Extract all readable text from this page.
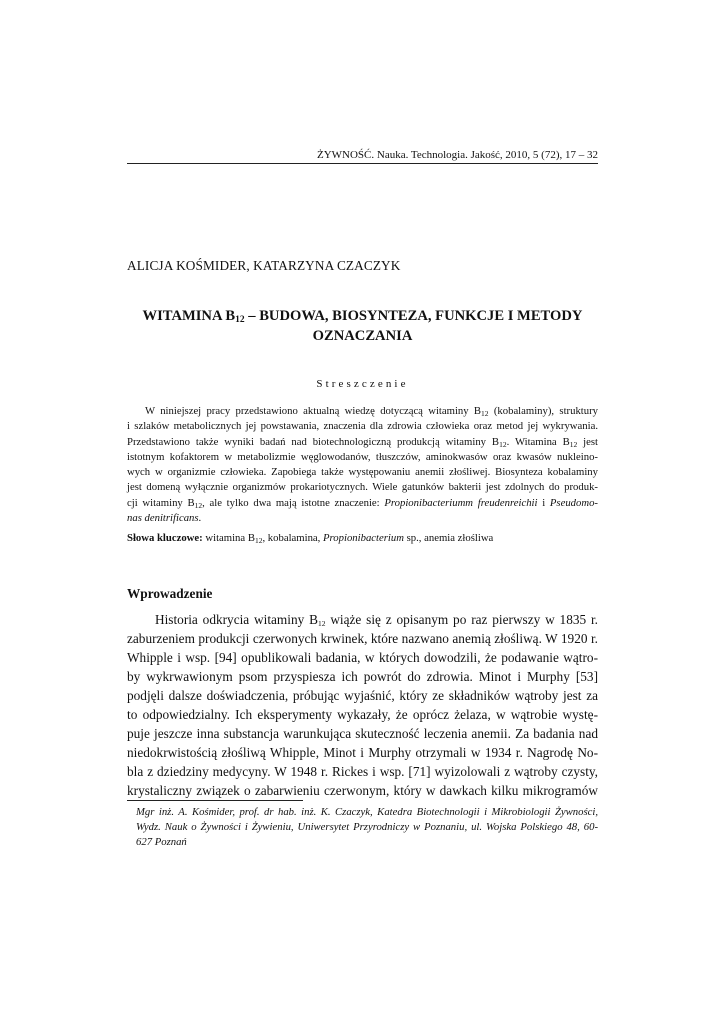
ŻYWNOŚĆ. Nauka. Technologia. Jakość, 2010, 5 (72), 17 – 32
ALICJA KOŚMIDER, KATARZYNA CZACZYK
WITAMINA $B_{12}$ – BUDOWA, BIOSYNTEZA, FUNKCJE I METODY
OZNACZANIA
Streszczenie
W niniejszej pracy przedstawiono aktualną wiedzę dotyczącą witaminy $B_{12}$ (kobalaminy), struktury
i szlaków metabolicznych jej powstawania, znaczenia dla zdrowia człowieka oraz metod jej wykrywania.
Przedstawiono także wyniki badań nad biotechnologiczną produkcją witaminy $B_{12}$. Witamina $B_{12}$ jest
istotnym kofaktorem w metabolizmie węglowodanów, tłuszczów, aminokwasów oraz kwasów nukleino-
wych w organizmie człowieka. Zapobiega także występowaniu anemii złośliwej. Biosynteza kobalaminy
jest domeną wyłącznie organizmów prokariotycznych. Wiele gatunków bakterii jest zdolnych do produk-
cji witaminy $B_{12}$, ale tylko dwa mają istotne znaczenie: Propionibacteriumm freudenreichii i Pseudomo-
nas denitrificans.
Słowa kluczowe: witamina $B_{12}$, kobalamina, Propionibacterium sp., anemia złośliwa
Wprowadzenie
Historia odkrycia witaminy $B_{12}$ wiąże się z opisanym po raz pierwszy w 1835 r.
zaburzeniem produkcji czerwonych krwinek, które nazwano anemią złośliwą. W 1920 r.
Whipple i wsp. [94] opublikowali badania, w których dowodzili, że podawanie wątro-
by wykrwawionym psom przyspiesza ich powrót do zdrowia. Minot i Murphy [53]
podjęli dalsze doświadczenia, próbując wyjaśnić, który ze składników wątroby jest za
to odpowiedzialny. Ich eksperymenty wykazały, że oprócz żelaza, w wątrobie wystę-
puje jeszcze inna substancja warunkująca skuteczność leczenia anemii. Za badania nad
niedokrwistością złośliwą Whipple, Minot i Murphy otrzymali w 1934 r. Nagrodę No-
bla z dziedziny medycyny. W 1948 r. Rickes i wsp. [71] wyizolowali z wątroby czysty,
krystaliczny związek o zabarwieniu czerwonym, który w dawkach kilku mikrogramów
Mgr inż. A. Kośmider, prof. dr hab. inż. K. Czaczyk, Katedra Biotechnologii i Mikrobiologii Żywności,
Wydz. Nauk o Żywności i Żywieniu, Uniwersytet Przyrodniczy w Poznaniu, ul. Wojska Polskiego 48, 60-
627 Poznań
